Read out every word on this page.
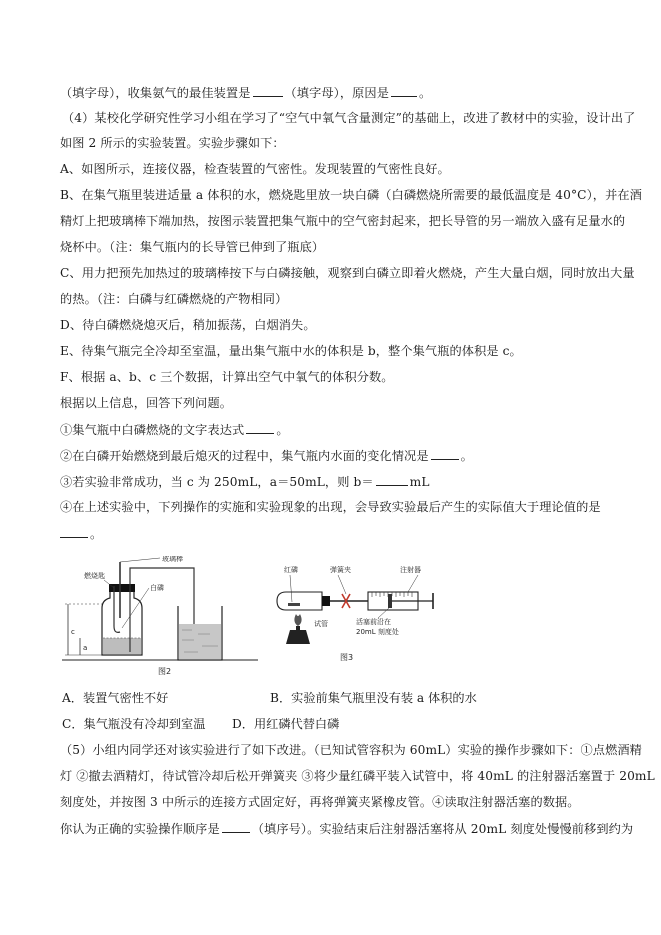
（填字母），收集氨气的最佳装置是	（填字母），原因是 。
（4）某校化学研究性学习小组在学习了“空气中氧气含量测定”的基础上，改进了教材中的实验，设计出了
如图 2 所示的实验装置。实验步骤如下：
A、如图所示，连接仪器，检查装置的气密性。发现装置的气密性良好。
B、在集气瓶里装进适量 a 体积的水，燃烧匙里放一块白磷（白磷燃烧所需要的最低温度是 40°C），并在酒
精灯上把玻璃棒下端加热，按图示装置把集气瓶中的空气密封起来，把长导管的另一端放入盛有足量水的
烧杯中。（注：集气瓶内的长导管已伸到了瓶底）
C、用力把预先加热过的玻璃棒按下与白磷接触，观察到白磷立即着火燃烧，产生大量白烟，同时放出大量
的热。（注：白磷与红磷燃烧的产物相同）
D、待白磷燃烧熄灭后，稍加振荡，白烟消失。
E、待集气瓶完全冷却至室温，量出集气瓶中水的体积是 b，整个集气瓶的体积是 c。
F、根据 a、b、c 三个数据，计算出空气中氧气的体积分数。
根据以上信息，回答下列问题。
①集气瓶中白磷燃烧的文字表达式	。
②在白磷开始燃烧到最后熄灭的过程中，集气瓶内水面的变化情况是	。
③若实验非常成功，当 c 为 250mL，a＝50mL，则 b＝	mL
④在上述实验中，下列操作的实施和实验现象的出现，会导致实验最后产生的实际值大于理论值的是
。
c
a
玻璃棒
燃烧匙
白磷
图2
红磷	弹簧夹	注射器
试管	活塞前沿在
20mL 刻度处
图3
A．装置气密性不好	B．实验前集气瓶里没有装 a 体积的水
C．集气瓶没有冷却到室温 D．用红磷代替白磷
（5）小组内同学还对该实验进行了如下改进。（已知试管容积为 60mL）实验的操作步骤如下：①点燃酒精
灯 ②撤去酒精灯，待试管冷却后松开弹簧夹 ③将少量红磷平装入试管中，将 40mL 的注射器活塞置于 20mL
刻度处，并按图 3 中所示的连接方式固定好，再将弹簧夹紧橡皮管。④读取注射器活塞的数据。
你认为正确的实验操作顺序是	（填序号）。实验结束后注射器活塞将从 20mL 刻度处慢慢前移到约为
